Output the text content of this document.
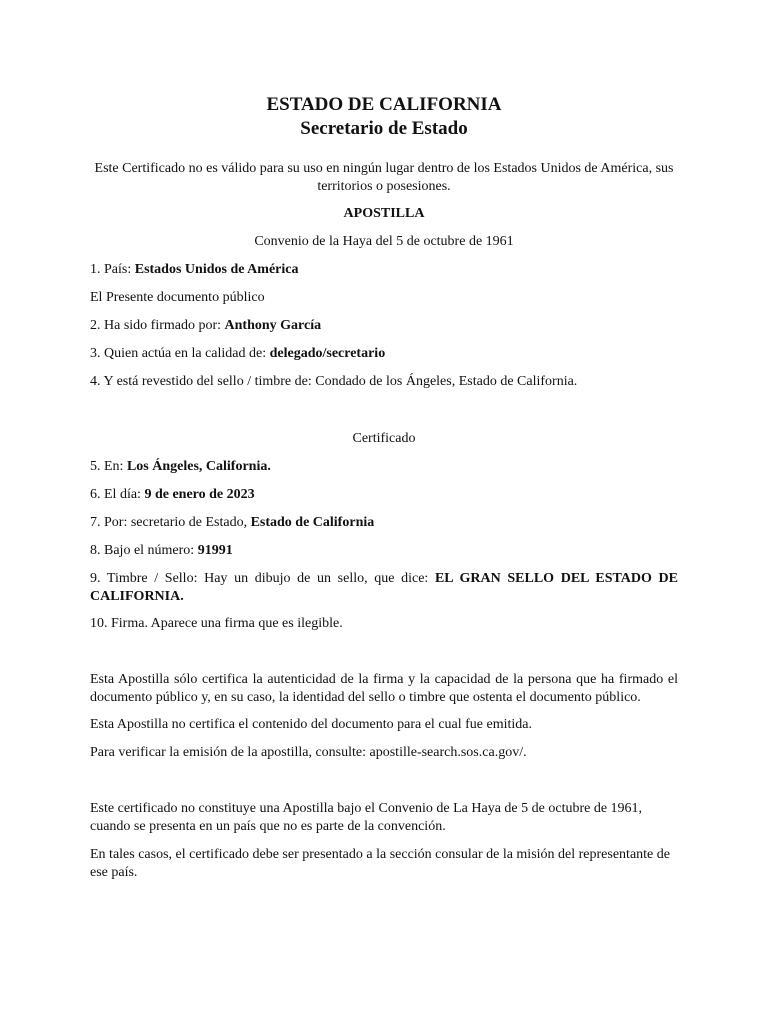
ESTADO DE CALIFORNIA
Secretario de Estado
Este Certificado no es válido para su uso en ningún lugar dentro de los Estados Unidos de América, sus territorios o posesiones.
APOSTILLA
Convenio de la Haya del 5 de octubre de 1961
1. País: Estados Unidos de América
El Presente documento público
2. Ha sido firmado por: Anthony García
3. Quien actúa en la calidad de: delegado/secretario
4. Y está revestido del sello / timbre de: Condado de los Ángeles, Estado de California.
Certificado
5. En: Los Ángeles, California.
6. El día: 9 de enero de 2023
7. Por: secretario de Estado, Estado de California
8. Bajo el número: 91991
9. Timbre / Sello: Hay un dibujo de un sello, que dice: EL GRAN SELLO DEL ESTADO DE CALIFORNIA.
10. Firma. Aparece una firma que es ilegible.
Esta Apostilla sólo certifica la autenticidad de la firma y la capacidad de la persona que ha firmado el documento público y, en su caso, la identidad del sello o timbre que ostenta el documento público.
Esta Apostilla no certifica el contenido del documento para el cual fue emitida.
Para verificar la emisión de la apostilla, consulte: apostille-search.sos.ca.gov/.
Este certificado no constituye una Apostilla bajo el Convenio de La Haya de 5 de octubre de 1961, cuando se presenta en un país que no es parte de la convención.
En tales casos, el certificado debe ser presentado a la sección consular de la misión del representante de ese país.
